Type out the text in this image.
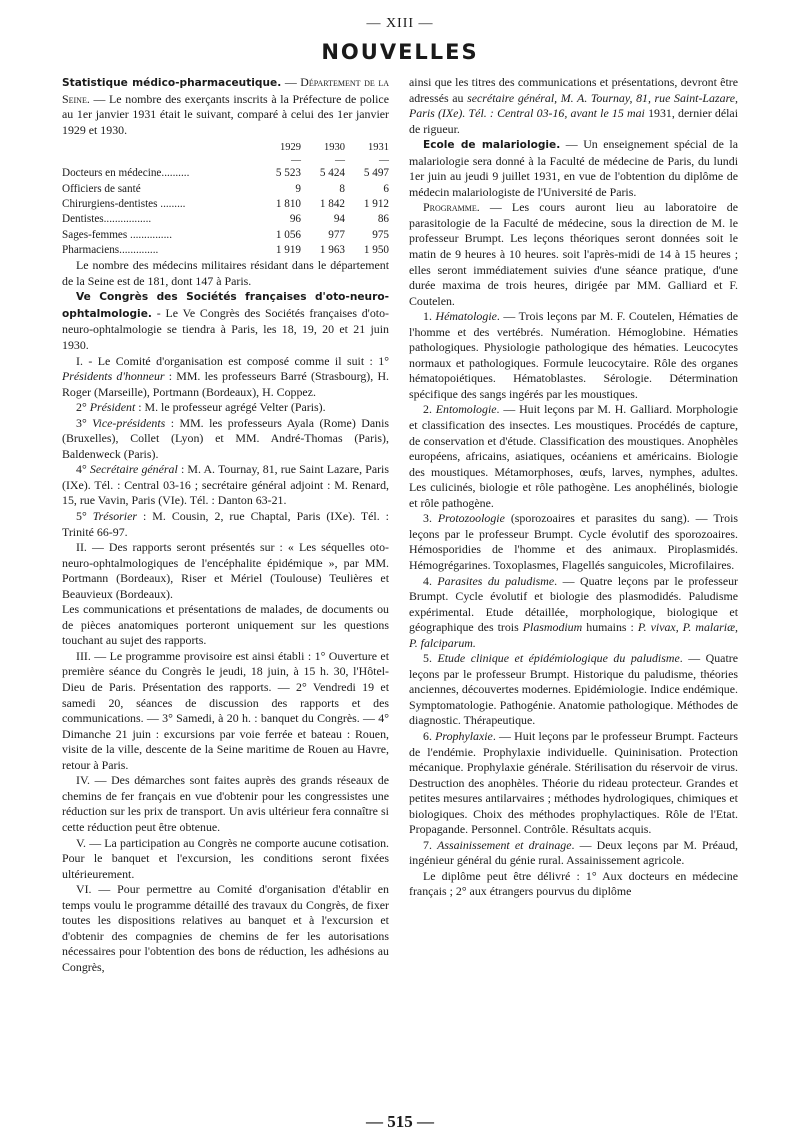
— XIII —
NOUVELLES

Statistique médico-pharmaceutique. — Département de la Seine. — Le nombre des exerçants inscrits à la Préfecture de police au 1er janvier 1931 était le suivant, comparé à celui des 1er janvier 1929 et 1930.

	1929	1930	1931
	—	—	—
Docteurs en médecine..........	5 523	5 424	5 497
Officiers de santé	9	8	6
Chirurgiens-dentistes .........	1 810	1 842	1 912
Dentistes.................	96	94	86
Sages-femmes ...............	1 056	977	975
Pharmaciens..............	1 919	1 963	1 950

Le nombre des médecins militaires résidant dans le département de la Seine est de 181, dont 147 à Paris.

Ve Congrès des Sociétés françaises d'oto-neuro-ophtalmologie. - Le Ve Congrès des Sociétés françaises d'oto-neuro-ophtalmologie se tiendra à Paris, les 18, 19, 20 et 21 juin 1930.

I. - Le Comité d'organisation est composé comme il suit : 1° Présidents d'honneur : MM. les professeurs Barré (Strasbourg), H. Roger (Marseille), Portmann (Bordeaux), H. Coppez.

2° Président : M. le professeur agrégé Velter (Paris).

3° Vice-présidents : MM. les professeurs Ayala (Rome) Danis (Bruxelles), Collet (Lyon) et MM. André-Thomas (Paris), Baldenweck (Paris).

4° Secrétaire général : M. A. Tournay, 81, rue Saint Lazare, Paris (IXe). Tél. : Central 03-16 ; secrétaire général adjoint : M. Renard, 15, rue Vavin, Paris (VIe). Tél. : Danton 63-21.

5° Trésorier : M. Cousin, 2, rue Chaptal, Paris (IXe). Tél. : Trinité 66-97.

II. — Des rapports seront présentés sur : « Les séquelles oto-neuro-ophtalmologiques de l'encéphalite épidémique », par MM. Portmann (Bordeaux), Riser et Mériel (Toulouse) Teulières et Beauvieux (Bordeaux).

Les communications et présentations de malades, de documents ou de pièces anatomiques porteront uniquement sur les questions touchant au sujet des rapports.

III. — Le programme provisoire est ainsi établi : 1° Ouverture et première séance du Congrès le jeudi, 18 juin, à 15 h. 30, l'Hôtel-Dieu de Paris. Présentation des rapports. — 2° Vendredi 19 et samedi 20, séances de discussion des rapports et des communications. — 3° Samedi, à 20 h. : banquet du Congrès. — 4° Dimanche 21 juin : excursions par voie ferrée et bateau : Rouen, visite de la ville, descente de la Seine maritime de Rouen au Havre, retour à Paris.

IV. — Des démarches sont faites auprès des grands réseaux de chemins de fer français en vue d'obtenir pour les congressistes une réduction sur les prix de transport. Un avis ultérieur fera connaître si cette réduction peut être obtenue.

V. — La participation au Congrès ne comporte aucune cotisation. Pour le banquet et l'excursion, les conditions seront fixées ultérieurement.

VI. — Pour permettre au Comité d'organisation d'établir en temps voulu le programme détaillé des travaux du Congrès, de fixer toutes les dispositions relatives au banquet et à l'excursion et d'obtenir des compagnies de chemins de fer les autorisations nécessaires pour l'obtention des bons de réduction, les adhésions au Congrès,

ainsi que les titres des communications et présentations, devront être adressés au secrétaire général, M. A. Tournay, 81, rue Saint-Lazare, Paris (IXe). Tél. : Central 03-16, avant le 15 mai 1931, dernier délai de rigueur.

Ecole de malariologie. — Un enseignement spécial de la malariologie sera donné à la Faculté de médecine de Paris, du lundi 1er juin au jeudi 9 juillet 1931, en vue de l'obtention du diplôme de médecin malariologiste de l'Université de Paris.

Programme. — Les cours auront lieu au laboratoire de parasitologie de la Faculté de médecine, sous la direction de M. le professeur Brumpt. Les leçons théoriques seront données soit le matin de 9 heures à 10 heures. soit l'après-midi de 14 à 15 heures ; elles seront immédiatement suivies d'une séance pratique, d'une durée maxima de trois heures, dirigée par MM. Galliard et F. Coutelen.

1. Hématologie. — Trois leçons par M. F. Coutelen, Hématies de l'homme et des vertébrés. Numération. Hémoglobine. Hématies pathologiques. Physiologie pathologique des hématies. Leucocytes normaux et pathologiques. Formule leucocytaire. Rôle des organes hématopoiétiques. Hématoblastes. Sérologie. Détermination spécifique des sangs ingérés par les moustiques.

2. Entomologie. — Huit leçons par M. H. Galliard. Morphologie et classification des insectes. Les moustiques. Procédés de capture, de conservation et d'étude. Classification des moustiques. Anophèles européens, africains, asiatiques, océaniens et américains. Biologie des moustiques. Métamorphoses, œufs, larves, nymphes, adultes. Les culicinés, biologie et rôle pathogène. Les anophélinés, biologie et rôle pathogène.

3. Protozoologie (sporozoaires et parasites du sang). — Trois leçons par le professeur Brumpt. Cycle évolutif des sporozoaires. Hémosporidies de l'homme et des animaux. Piroplasmidés. Hémogrégarines. Toxoplasmes, Flagellés sanguicoles, Microfilaires.

4. Parasites du paludisme. — Quatre leçons par le professeur Brumpt. Cycle évolutif et biologie des plasmodidés. Paludisme expérimental. Etude détaillée, morphologique, biologique et géographique des trois Plasmodium humains : P. vivax, P. malariæ, P. falciparum.

5. Etude clinique et épidémiologique du paludisme. — Quatre leçons par le professeur Brumpt. Historique du paludisme, théories anciennes, découvertes modernes. Epidémiologie. Indice endémique. Symptomatologie. Pathogénie. Anatomie pathologique. Méthodes de diagnostic. Thérapeutique.

6. Prophylaxie. — Huit leçons par le professeur Brumpt. Facteurs de l'endémie. Prophylaxie individuelle. Quininisation. Protection mécanique. Prophylaxie générale. Stérilisation du réservoir de virus. Destruction des anophèles. Théorie du rideau protecteur. Grandes et petites mesures antilarvaires ; méthodes hydrologiques, chimiques et biologiques. Choix des méthodes prophylactiques. Rôle de l'Etat. Propagande. Personnel. Contrôle. Résultats acquis.

7. Assainissement et drainage. — Deux leçons par M. Préaud, ingénieur général du génie rural. Assainissement agricole.

Le diplôme peut être délivré : 1° Aux docteurs en médecine français ; 2° aux étrangers pourvus du diplôme

— 515 —
